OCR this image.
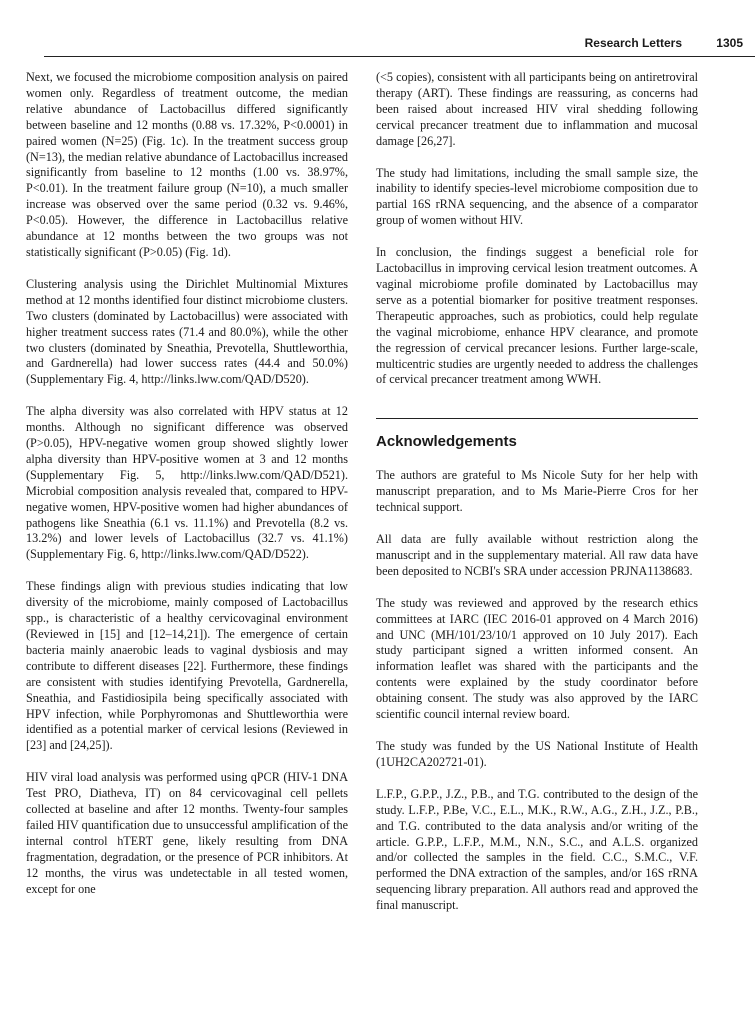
Research Letters	1305

Next, we focused the microbiome composition analysis on paired women only. Regardless of treatment outcome, the median relative abundance of Lactobacillus differed significantly between baseline and 12 months (0.88 vs. 17.32%, P<0.0001) in paired women (N=25) (Fig. 1c). In the treatment success group (N=13), the median relative abundance of Lactobacillus increased significantly from baseline to 12 months (1.00 vs. 38.97%, P<0.01). In the treatment failure group (N=10), a much smaller increase was observed over the same period (0.32 vs. 9.46%, P<0.05). However, the difference in Lactobacillus relative abundance at 12 months between the two groups was not statistically significant (P>0.05) (Fig. 1d).

Clustering analysis using the Dirichlet Multinomial Mixtures method at 12 months identified four distinct microbiome clusters. Two clusters (dominated by Lactobacillus) were associated with higher treatment success rates (71.4 and 80.0%), while the other two clusters (dominated by Sneathia, Prevotella, Shuttleworthia, and Gardnerella) had lower success rates (44.4 and 50.0%) (Supplementary Fig. 4, http://links.lww.com/QAD/D520).

The alpha diversity was also correlated with HPV status at 12 months. Although no significant difference was observed (P>0.05), HPV-negative women group showed slightly lower alpha diversity than HPV-positive women at 3 and 12 months (Supplementary Fig. 5, http://links.lww.com/QAD/D521). Microbial composition analysis revealed that, compared to HPV-negative women, HPV-positive women had higher abundances of pathogens like Sneathia (6.1 vs. 11.1%) and Prevotella (8.2 vs. 13.2%) and lower levels of Lactobacillus (32.7 vs. 41.1%) (Supplementary Fig. 6, http://links.lww.com/QAD/D522).

These findings align with previous studies indicating that low diversity of the microbiome, mainly composed of Lactobacillus spp., is characteristic of a healthy cervicovaginal environment (Reviewed in [15] and [12–14,21]). The emergence of certain bacteria mainly anaerobic leads to vaginal dysbiosis and may contribute to different diseases [22]. Furthermore, these findings are consistent with studies identifying Prevotella, Gardnerella, Sneathia, and Fastidiosipila being specifically associated with HPV infection, while Porphyromonas and Shuttleworthia were identified as a potential marker of cervical lesions (Reviewed in [23] and [24,25]).

HIV viral load analysis was performed using qPCR (HIV-1 DNA Test PRO, Diatheva, IT) on 84 cervicovaginal cell pellets collected at baseline and after 12 months. Twenty-four samples failed HIV quantification due to unsuccessful amplification of the internal control hTERT gene, likely resulting from DNA fragmentation, degradation, or the presence of PCR inhibitors. At 12 months, the virus was undetectable in all tested women, except for one

(<5 copies), consistent with all participants being on antiretroviral therapy (ART). These findings are reassuring, as concerns had been raised about increased HIV viral shedding following cervical precancer treatment due to inflammation and mucosal damage [26,27].

The study had limitations, including the small sample size, the inability to identify species-level microbiome composition due to partial 16S rRNA sequencing, and the absence of a comparator group of women without HIV.

In conclusion, the findings suggest a beneficial role for Lactobacillus in improving cervical lesion treatment outcomes. A vaginal microbiome profile dominated by Lactobacillus may serve as a potential biomarker for positive treatment responses. Therapeutic approaches, such as probiotics, could help regulate the vaginal microbiome, enhance HPV clearance, and promote the regression of cervical precancer lesions. Further large-scale, multicentric studies are urgently needed to address the challenges of cervical precancer treatment among WWH.

Acknowledgements

The authors are grateful to Ms Nicole Suty for her help with manuscript preparation, and to Ms Marie-Pierre Cros for her technical support.

All data are fully available without restriction along the manuscript and in the supplementary material. All raw data have been deposited to NCBI's SRA under accession PRJNA1138683.

The study was reviewed and approved by the research ethics committees at IARC (IEC 2016-01 approved on 4 March 2016) and UNC (MH/101/23/10/1 approved on 10 July 2017). Each study participant signed a written informed consent. An information leaflet was shared with the participants and the contents were explained by the study coordinator before obtaining consent. The study was also approved by the IARC scientific council internal review board.

The study was funded by the US National Institute of Health (1UH2CA202721-01).

L.F.P., G.P.P., J.Z., P.B., and T.G. contributed to the design of the study. L.F.P., P.Be, V.C., E.L., M.K., R.W., A.G., Z.H., J.Z., P.B., and T.G. contributed to the data analysis and/or writing of the article. G.P.P., L.F.P., M.M., N.N., S.C., and A.L.S. organized and/or collected the samples in the field. C.C., S.M.C., V.F. performed the DNA extraction of the samples, and/or 16S rRNA sequencing library preparation. All authors read and approved the final manuscript.
